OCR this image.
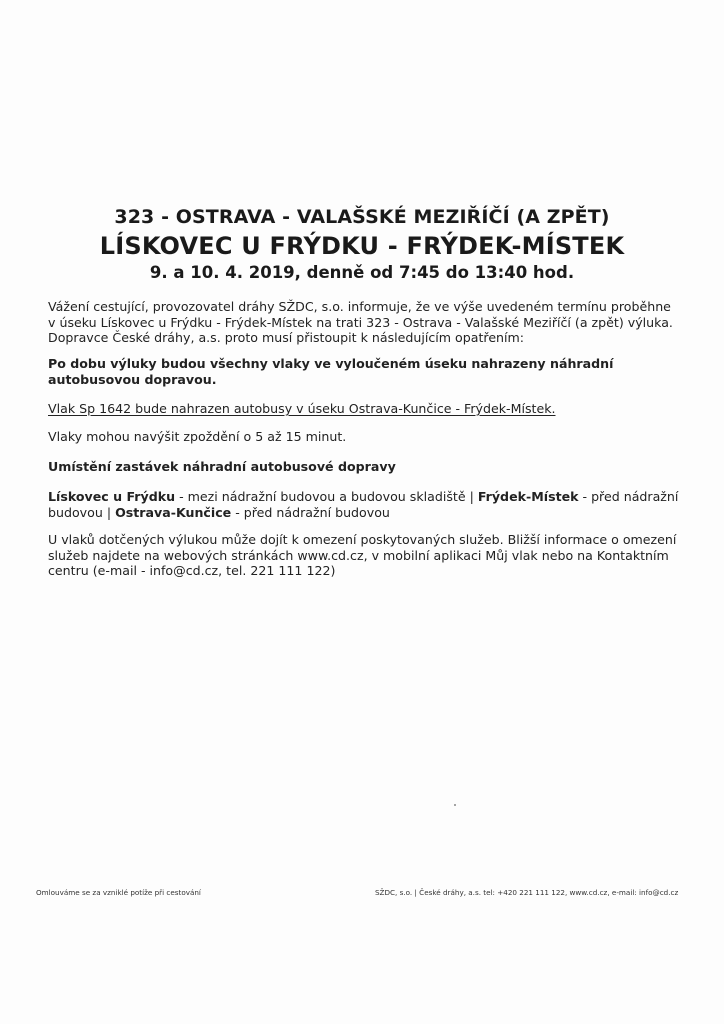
323 - OSTRAVA - VALAŠSKÉ MEZIŘÍČÍ (A ZPĚT)
LÍSKOVEC U FRÝDKU - FRÝDEK-MÍSTEK
9. a 10. 4. 2019, denně od 7:45 do 13:40 hod.
Vážení cestující, provozovatel dráhy SŽDC, s.o. informuje, že ve výše uvedeném termínu proběhne v úseku Lískovec u Frýdku - Frýdek-Místek na trati 323 - Ostrava - Valašské Meziříčí (a zpět) výluka. Dopravce České dráhy, a.s. proto musí přistoupit k následujícím opatřením:
Po dobu výluky budou všechny vlaky ve vyloučeném úseku nahrazeny náhradní autobusovou dopravou.
Vlak Sp 1642 bude nahrazen autobusy v úseku Ostrava-Kunčice - Frýdek-Místek.
Vlaky mohou navýšit zpoždění o 5 až 15 minut.
Umístění zastávek náhradní autobusové dopravy
Lískovec u Frýdku - mezi nádražní budovou a budovou skladiště | Frýdek-Místek - před nádražní budovou | Ostrava-Kunčice - před nádražní budovou
U vlaků dotčených výlukou může dojít k omezení poskytovaných služeb. Bližší informace o omezení služeb najdete na webových stránkách www.cd.cz, v mobilní aplikaci Můj vlak nebo na Kontaktním centru (e-mail - info@cd.cz, tel. 221 111 122)
Omlouváme se za vzniklé potíže při cestování	SŽDC, s.o. | České dráhy, a.s. tel: +420 221 111 122, www.cd.cz, e-mail: info@cd.cz
